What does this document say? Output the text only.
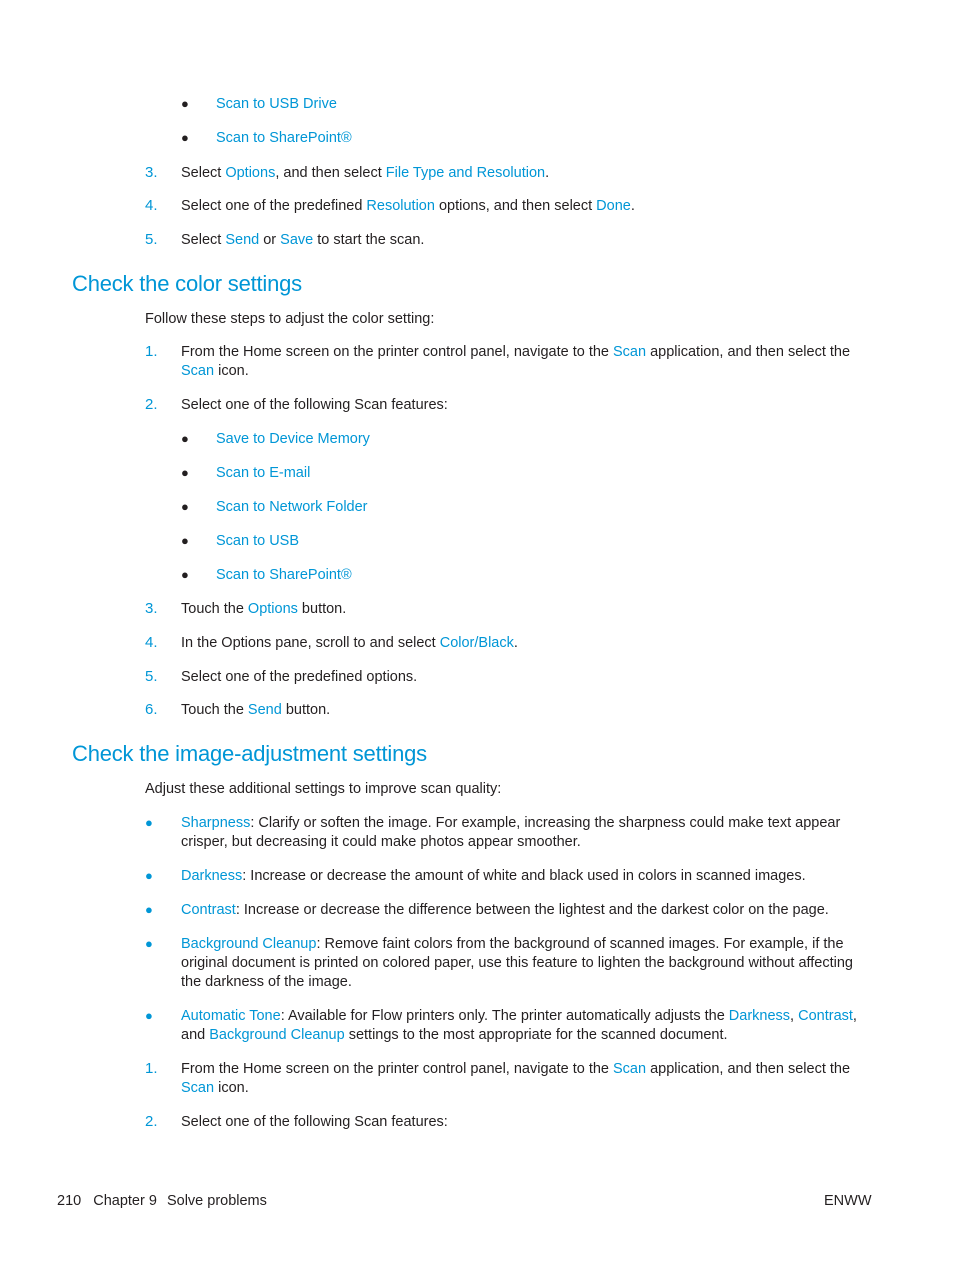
● Scan to USB Drive
● Scan to SharePoint®
3. Select Options, and then select File Type and Resolution.
4. Select one of the predefined Resolution options, and then select Done.
5. Select Send or Save to start the scan.
Check the color settings
Follow these steps to adjust the color setting:
1. From the Home screen on the printer control panel, navigate to the Scan application, and then select the
Scan icon.
2. Select one of the following Scan features:
● Save to Device Memory
● Scan to E-mail
● Scan to Network Folder
● Scan to USB
● Scan to SharePoint®
3. Touch the Options button.
4. In the Options pane, scroll to and select Color/Black.
5. Select one of the predefined options.
6. Touch the Send button.
Check the image-adjustment settings
Adjust these additional settings to improve scan quality:
● Sharpness: Clarify or soften the image. For example, increasing the sharpness could make text appear
crisper, but decreasing it could make photos appear smoother.
● Darkness: Increase or decrease the amount of white and black used in colors in scanned images.
● Contrast: Increase or decrease the difference between the lightest and the darkest color on the page.
● Background Cleanup: Remove faint colors from the background of scanned images. For example, if the
original document is printed on colored paper, use this feature to lighten the background without affecting
the darkness of the image.
● Automatic Tone: Available for Flow printers only. The printer automatically adjusts the Darkness, Contrast,
and Background Cleanup settings to the most appropriate for the scanned document.
1. From the Home screen on the printer control panel, navigate to the Scan application, and then select the
Scan icon.
2. Select one of the following Scan features:
210 Chapter 9 Solve problems	ENWW
